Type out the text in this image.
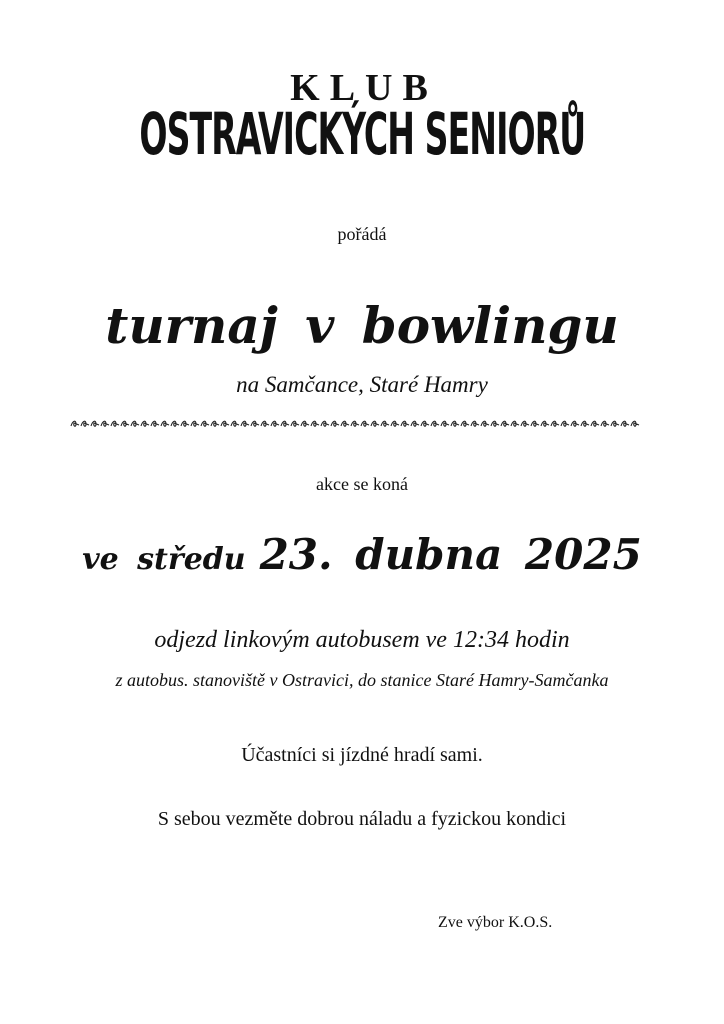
KLUB
OSTRAVICKÝCH SENIORŮ
pořádá
turnaj v bowlingu
na Samčance, Staré Hamry
akce se koná
ve středu 23. dubna 2025
odjezd linkovým autobusem ve 12:34 hodin
z autobus. stanoviště v Ostravici, do stanice Staré Hamry-Samčanka
Účastníci si jízdné hradí sami.
S sebou vezměte dobrou náladu a fyzickou kondici
Zve výbor K.O.S.
